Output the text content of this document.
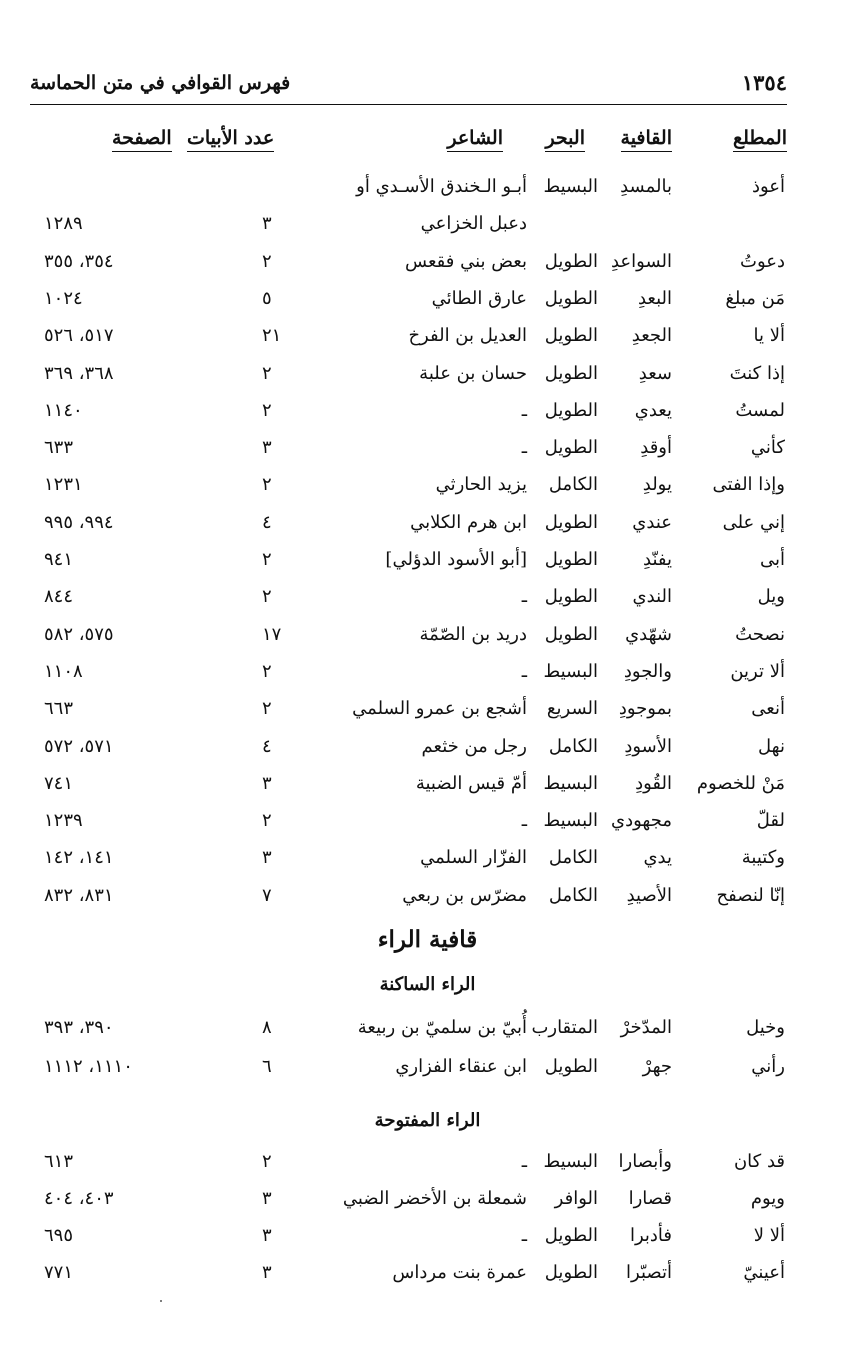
١٣٥٤
فهرس القوافي في متن الحماسة
المطلع
القافية
البحر
الشاعر
عدد الأبيات
الصفحة
أعوذ
بالمسدِ
البسيط
أبـو الـخندق الأسـدي أو
دعبل الخزاعي
٣
١٢٨٩
دعوتُ
السواعدِ
الطويل
بعض بني فقعس
٢
٣٥٤، ٣٥٥
مَن مبلغ
البعدِ
الطويل
عارق الطائي
٥
١٠٢٤
ألا يا
الجعدِ
الطويل
العديل بن الفرخ
٢١
٥١٧، ٥٢٦
إذا كنتَ
سعدِ
الطويل
حسان بن علبة
٢
٣٦٨، ٣٦٩
لمستُ
يعدي
الطويل
ـ
٢
١١٤٠
كأني
أوقدِ
الطويل
ـ
٣
٦٣٣
وإذا الفتى
يولدِ
الكامل
يزيد الحارثي
٢
١٢٣١
إني على
عندي
الطويل
ابن هرم الكلابي
٤
٩٩٤، ٩٩٥
أبى
يفنّدِ
الطويل
[أبو الأسود الدؤلي]
٢
٩٤١
ويل
الندي
الطويل
ـ
٢
٨٤٤
نصحتُ
شهّدي
الطويل
دريد بن الصّمّة
١٧
٥٧٥، ٥٨٢
ألا ترين
والجودِ
البسيط
ـ
٢
١١٠٨
أنعى
بموجودِ
السريع
أشجع بن عمرو السلمي
٢
٦٦٣
نهل
الأسودِ
الكامل
رجل من خثعم
٤
٥٧١، ٥٧٢
مَنْ للخصوم
القُودِ
البسيط
أمّ قيس الضبية
٣
٧٤١
لقلّ
مجهودي
البسيط
ـ
٢
١٢٣٩
وكتيبة
يدي
الكامل
الفزّار السلمي
٣
١٤١، ١٤٢
إنّا لنصفح
الأصيدِ
الكامل
مضرّس بن ربعي
٧
٨٣١، ٨٣٢
قافية الراء
الراء الساكنة
وخيل
المدّخرْ
المتقارب
أُبيّ بن سلميّ بن ربيعة
٨
٣٩٠، ٣٩٣
رأني
جهرْ
الطويل
ابن عنقاء الفزاري
٦
١١١٠، ١١١٢
الراء المفتوحة
قد كان
وأبصارا
البسيط
ـ
٢
٦١٣
ويوم
قصارا
الوافر
شمعلة بن الأخضر الضبي
٣
٤٠٣، ٤٠٤
ألا لا
فأدبرا
الطويل
ـ
٣
٦٩٥
أعينيّ
أتصبّرا
الطويل
عمرة بنت مرداس
٣
٧٧١
